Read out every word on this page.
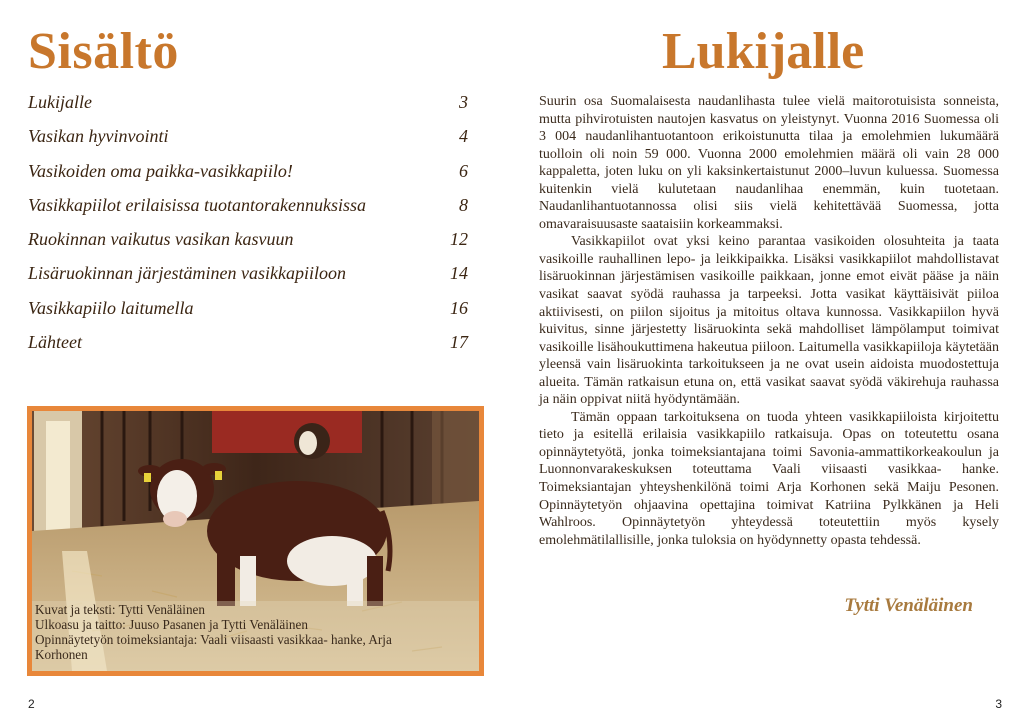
Sisältö
Lukijalle	3
Vasikan hyvinvointi	4
Vasikoiden oma paikka-vasikkapiilo!	6
Vasikkapiilot erilaisissa tuotantorakennuksissa	8
Ruokinnan vaikutus vasikan kasvuun	12
Lisäruokinnan järjestäminen vasikkapiiloon	14
Vasikkapiilo laitumella	16
Lähteet	17
Kuvat ja teksti: Tytti Venäläinen
Ulkoasu ja taitto: Juuso Pasanen ja Tytti Venäläinen
Opinnäytetyön toimeksiantaja: Vaali viisaasti vasikkaa- hanke, Arja
Korhonen
2
Lukijalle

Suurin osa Suomalaisesta naudanlihasta tulee vielä maitorotuisista sonneista, mutta pihvirotuisten nautojen kasvatus on yleistynyt. Vuonna 2016 Suomessa oli 3 004 naudanlihantuotantoon erikoistunutta tilaa ja emolehmien lukumäärä tuolloin oli noin 59 000. Vuonna 2000 emolehmien määrä oli vain 28 000 kappaletta, joten luku on yli kaksinkertaistunut 2000–luvun kuluessa. Suomessa kuitenkin vielä kulutetaan naudanlihaa enemmän, kuin tuotetaan. Naudanlihantuotannossa olisi siis vielä kehitettävää Suomessa, jotta omavaraisuusaste saataisiin korkeammaksi.

Vasikkapiilot ovat yksi keino parantaa vasikoiden olosuhteita ja taata vasikoille rauhallinen lepo- ja leikkipaikka. Lisäksi vasikkapiilot mahdollistavat lisäruokinnan järjestämisen vasikoille paikkaan, jonne emot eivät pääse ja näin vasikat saavat syödä rauhassa ja tarpeeksi. Jotta vasikat käyttäisivät piiloa aktiivisesti, on piilon sijoitus ja mitoitus oltava kunnossa. Vasikkapiilon hyvä kuivitus, sinne järjestetty lisäruokinta sekä mahdolliset lämpölamput toimivat vasikoille lisähoukuttimena hakeutua piiloon. Laitumella vasikkapiiloja käytetään yleensä vain lisäruokinta tarkoitukseen ja ne ovat usein aidoista muodostettuja alueita. Tämän ratkaisun etuna on, että vasikat saavat syödä väkirehuja rauhassa ja näin oppivat niitä hyödyntämään.

Tämän oppaan tarkoituksena on tuoda yhteen vasikkapiiloista kirjoitettu tieto ja esitellä erilaisia vasikkapiilo ratkaisuja. Opas on toteutettu osana opinnäytetyötä, jonka toimeksiantajana toimi Savonia-ammattikorkeakoulun ja Luonnonvarakeskuksen toteuttama Vaali viisaasti vasikkaa- hanke. Toimeksiantajan yhteyshenkilönä toimi Arja Korhonen sekä Maiju Pesonen. Opinnäytetyön ohjaavina opettajina toimivat Katriina Pylkkänen ja Heli Wahlroos. Opinnäytetyön yhteydessä toteutettiin myös kysely emolehmätilallisille, jonka tuloksia on hyödynnetty opasta tehdessä.

Tytti Venäläinen
3
